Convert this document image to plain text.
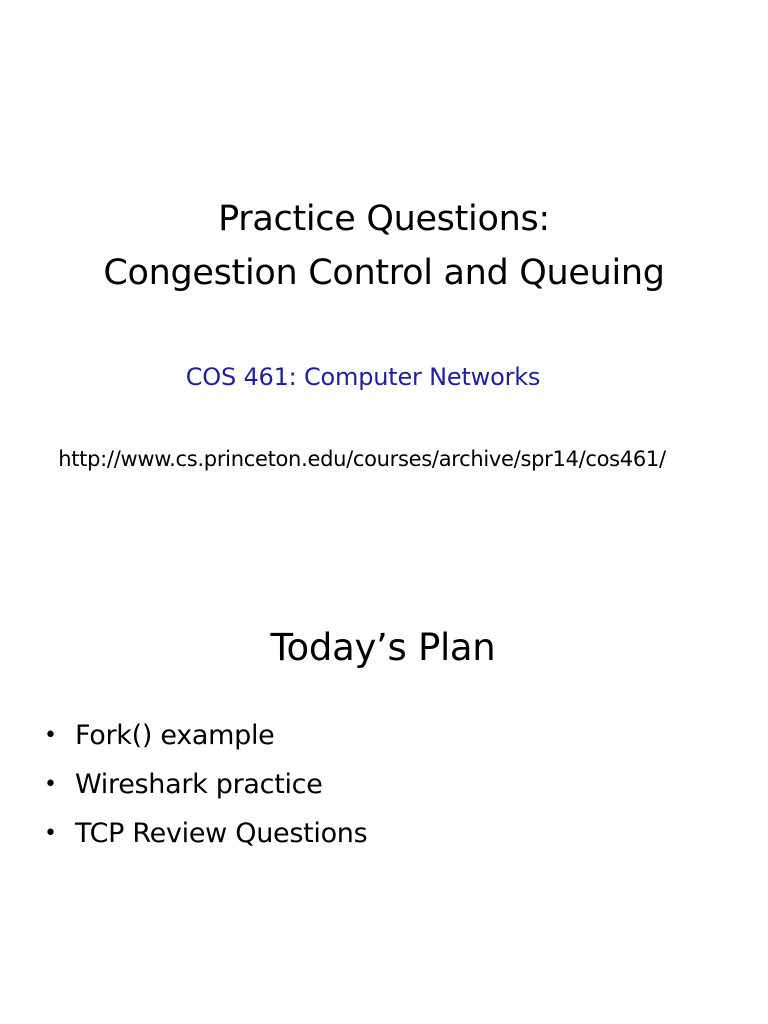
Practice Questions:
Congestion Control and Queuing
COS 461: Computer Networks
http://www.cs.princeton.edu/courses/archive/spr14/cos461/
Today’s Plan
• Fork() example
• Wireshark practice
• TCP Review Questions
